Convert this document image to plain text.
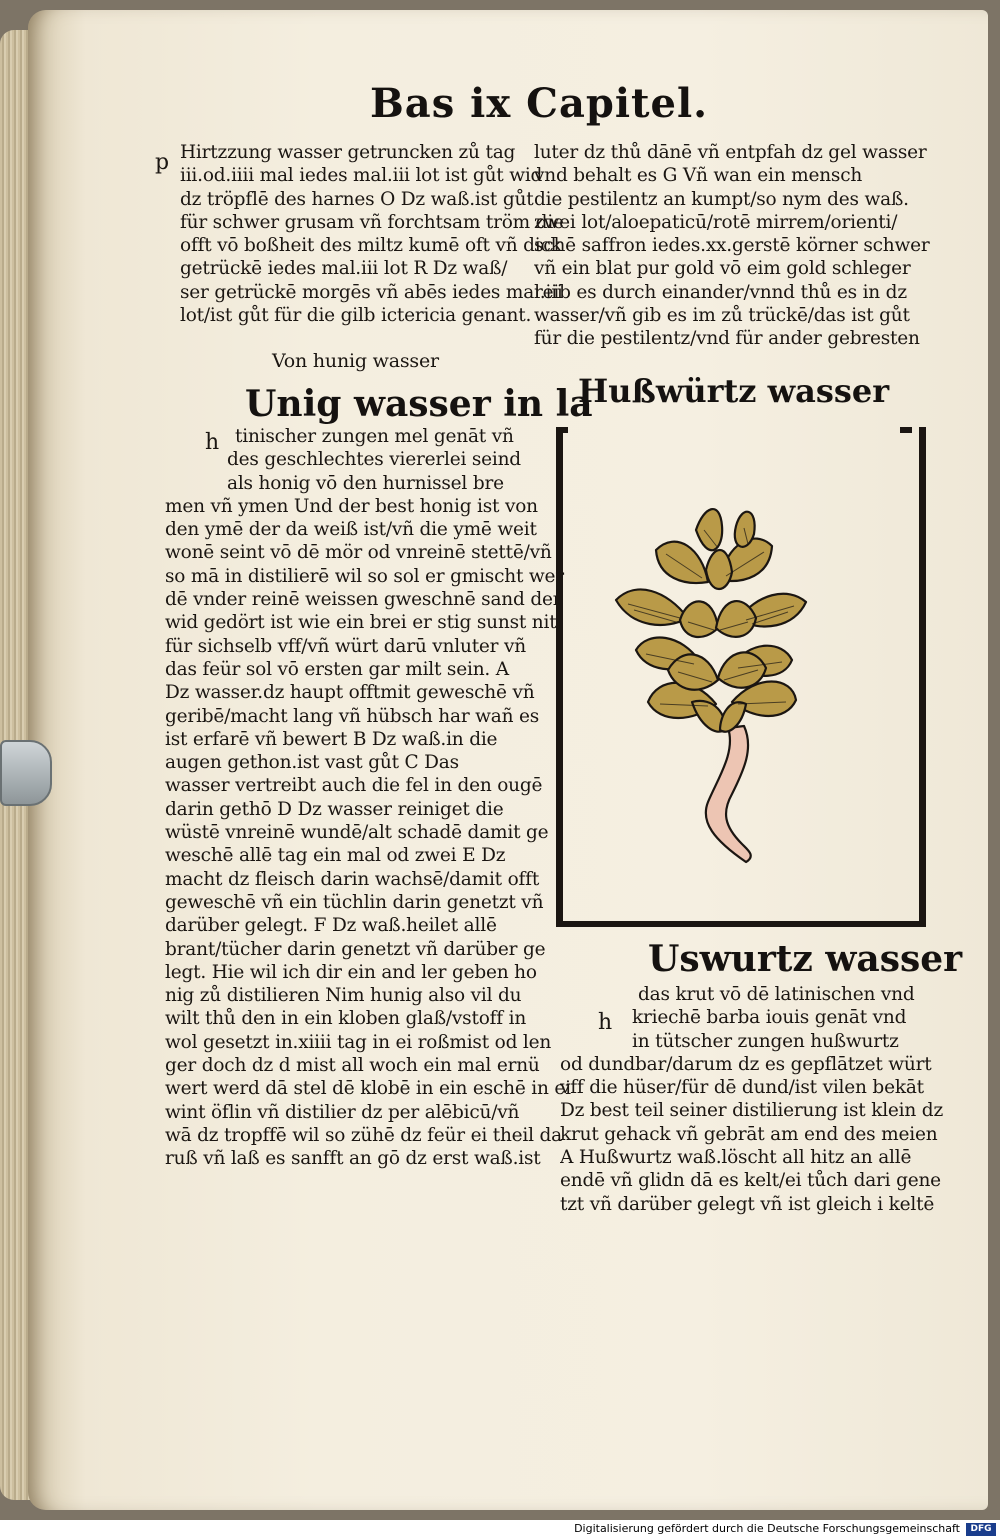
Bas ix Capitel.
p Hirtzzung wasser getruncken zů tag
iii.od.iiii mal iedes mal.iii lot ist gůt wid
dz tröpflē des harnes O Dz waß.ist gůt
für schwer grusam vñ forchtsam tröm die
offt vō boßheit des miltz kumē oft vñ dick
getrückē iedes mal.iii lot R Dz waß/
ser getrückē morgēs vñ abēs iedes mal.iii
lot/ist gůt für die gilb ictericia genant.
Von hunig wasser
Unig wasser in la
h tinischer zungen mel genāt vñ
des geschlechtes viererlei seind
als honig vō den hurnissel bre
men vñ ymen Und der best honig ist von
den ymē der da weiß ist/vñ die ymē weit
wonē seint vō dē mör od vnreinē stettē/vñ
so mā in distilierē wil so sol er gmischt wer
dē vnder reinē weissen gweschnē sand der
wid gedört ist wie ein brei er stig sunst nit
für sichselb vff/vñ würt darū vnluter vñ
das feür sol vō ersten gar milt sein. A
Dz wasser.dz haupt offtmit geweschē vñ
geribē/macht lang vñ hübsch har wañ es
ist erfarē vñ bewert B Dz waß.in die
augen gethon.ist vast gůt C Das
wasser vertreibt auch die fel in den ougē
darin gethō D Dz wasser reiniget die
wüstē vnreinē wundē/alt schadē damit ge
weschē allē tag ein mal od zwei E Dz
macht dz fleisch darin wachsē/damit offt
geweschē vñ ein tüchlin darin genetzt vñ
darüber gelegt. F Dz waß.heilet allē
brant/tücher darin genetzt vñ darüber ge
legt. Hie wil ich dir ein and ler geben ho
nig zů distilieren Nim hunig also vil du
wilt thů den in ein kloben glaß/vstoff in
wol gesetzt in.xiiii tag in ei roßmist od len
ger doch dz d mist all woch ein mal ernü
wert werd dā stel dē klobē in ein eschē in ei
wint öflin vñ distilier dz per alēbicū/vñ
wā dz tropffē wil so zühē dz feür ei theil da
ruß vñ laß es sanfft an gō dz erst waß.ist
luter dz thů dānē vñ entpfah dz gel wasser
vnd behalt es G Vñ wan ein mensch
die pestilentz an kumpt/so nym des waß.
zwei lot/aloepaticū/rotē mirrem/orienti/
schē saffron iedes.xx.gerstē körner schwer
vñ ein blat pur gold vō eim gold schleger
reib es durch einander/vnnd thů es in dz
wasser/vñ gib es im zů trückē/das ist gůt
für die pestilentz/vnd für ander gebresten
Hußwürtz wasser
Uswurtz wasser
h
das krut vō dē latinischen vnd
kriechē barba iouis genāt vnd
in tütscher zungen hußwurtz
od dundbar/darum dz es gepflātzet würt
vff die hüser/für dē dund/ist vilen bekāt
Dz best teil seiner distilierung ist klein dz
krut gehack vñ gebrāt am end des meien
A Hußwurtz waß.löscht all hitz an allē
endē vñ glidn dā es kelt/ei tůch dari gene
tzt vñ darüber gelegt vñ ist gleich i keltē
Digitalisierung gefördert durch die Deutsche Forschungsgemeinschaft	DFG
